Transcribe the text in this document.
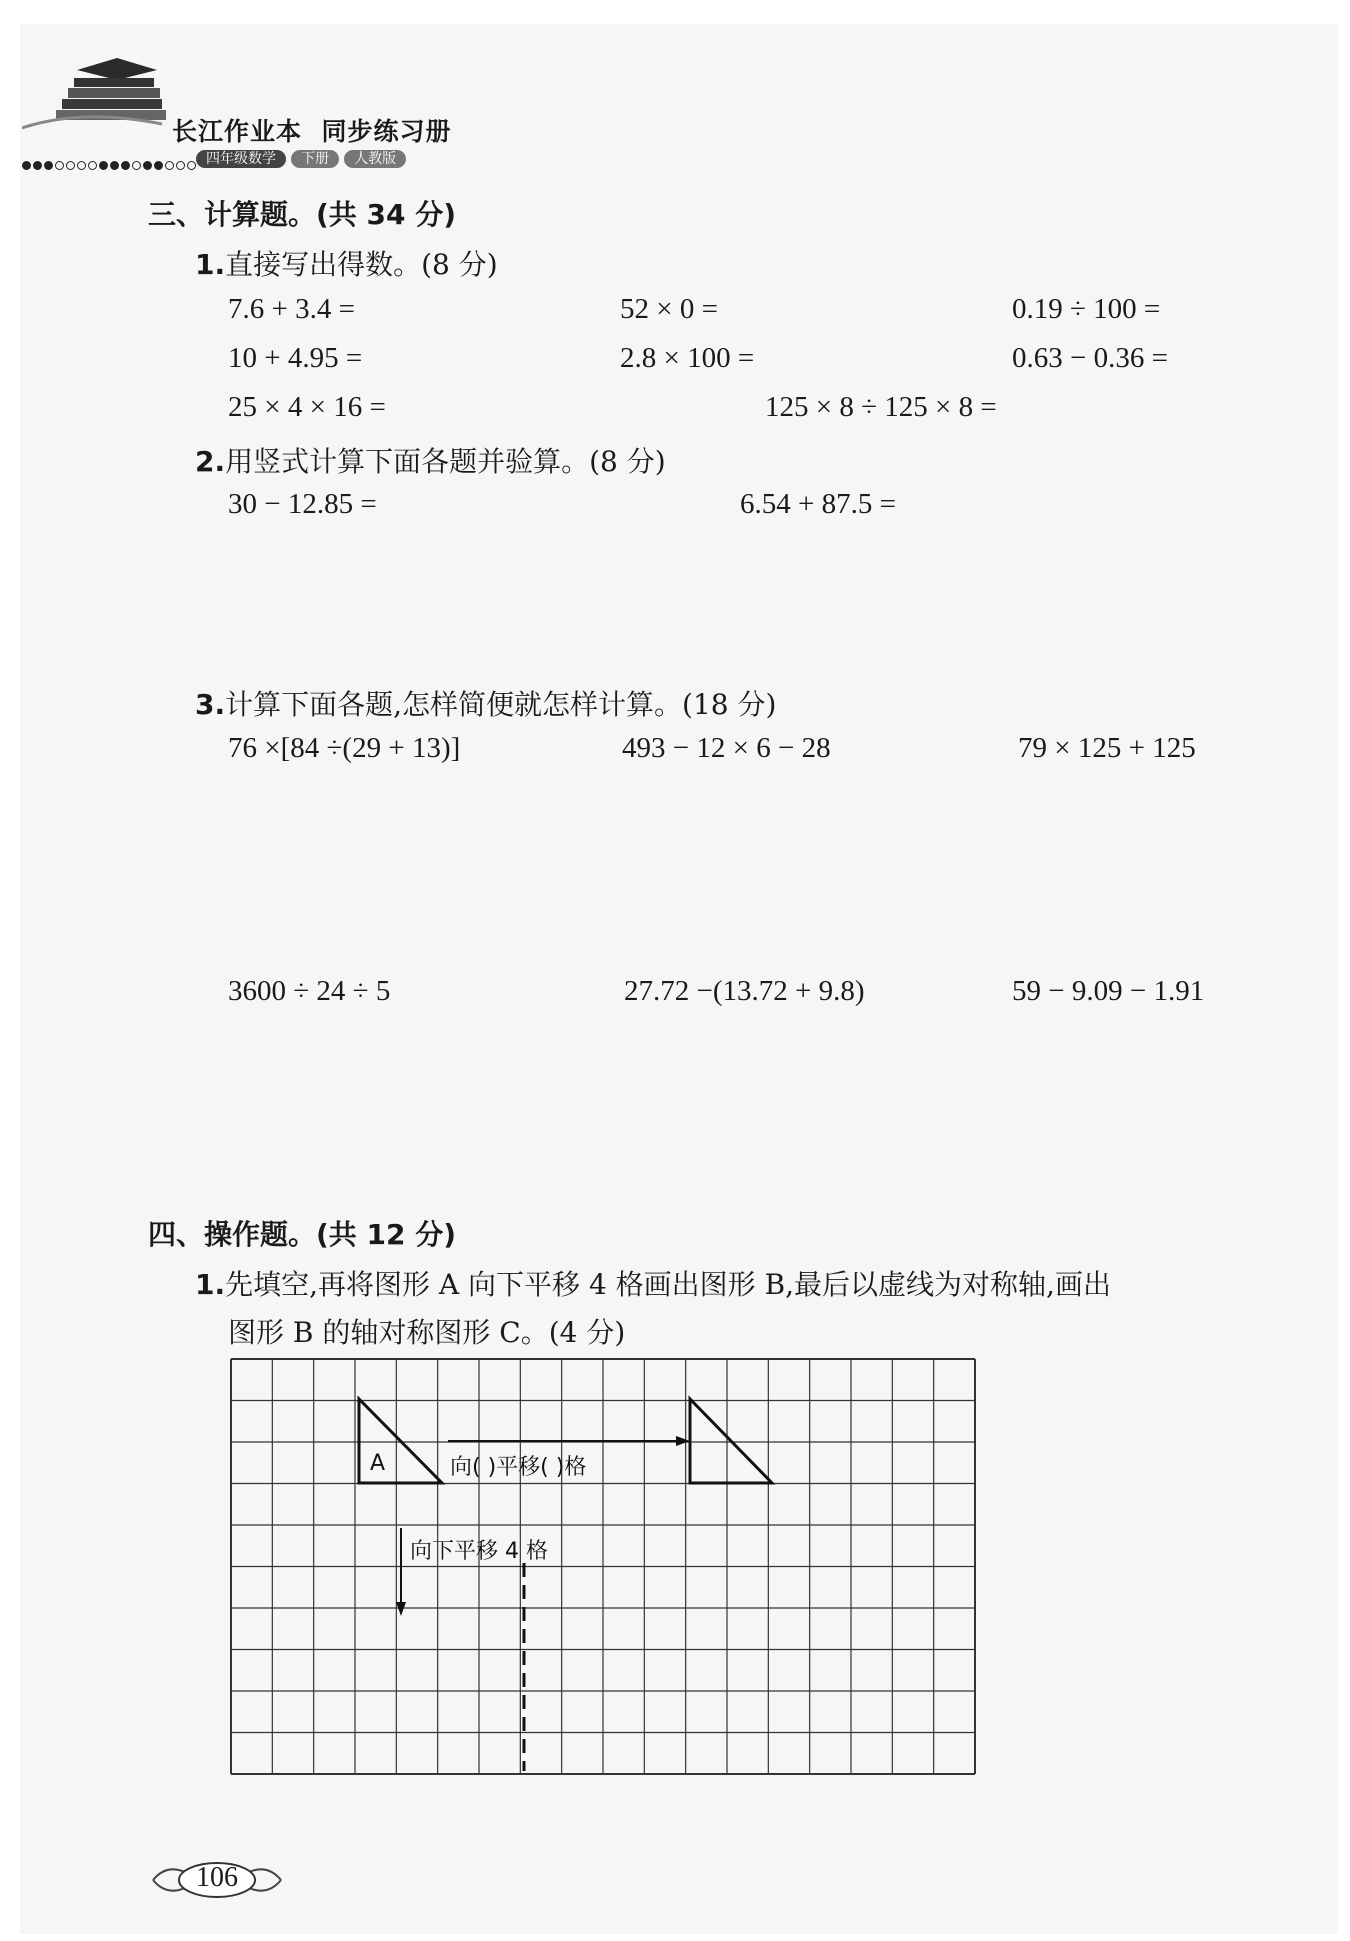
长江作业本 同步练习册
四年级数学 下册 人教版
三、计算题。(共 34 分)
1.直接写出得数。(8 分)
7.6 + 3.4 =	52 × 0 =	0.19 ÷ 100 =
10 + 4.95 =	2.8 × 100 =	0.63 − 0.36 =
25 × 4 × 16 =	125 × 8 ÷ 125 × 8 =
2.用竖式计算下面各题并验算。(8 分)
30 − 12.85 =	6.54 + 87.5 =
3.计算下面各题,怎样简便就怎样计算。(18 分)
76 ×[84 ÷(29 + 13)]	493 − 12 × 6 − 28	79 × 125 + 125
3600 ÷ 24 ÷ 5	27.72 −(13.72 + 9.8)	59 − 9.09 − 1.91
四、操作题。(共 12 分)
1.先填空,再将图形 A 向下平移 4 格画出图形 B,最后以虚线为对称轴,画出
图形 B 的轴对称图形 C。(4 分)
A	向( )平移( )格
向下平移 4 格
106
